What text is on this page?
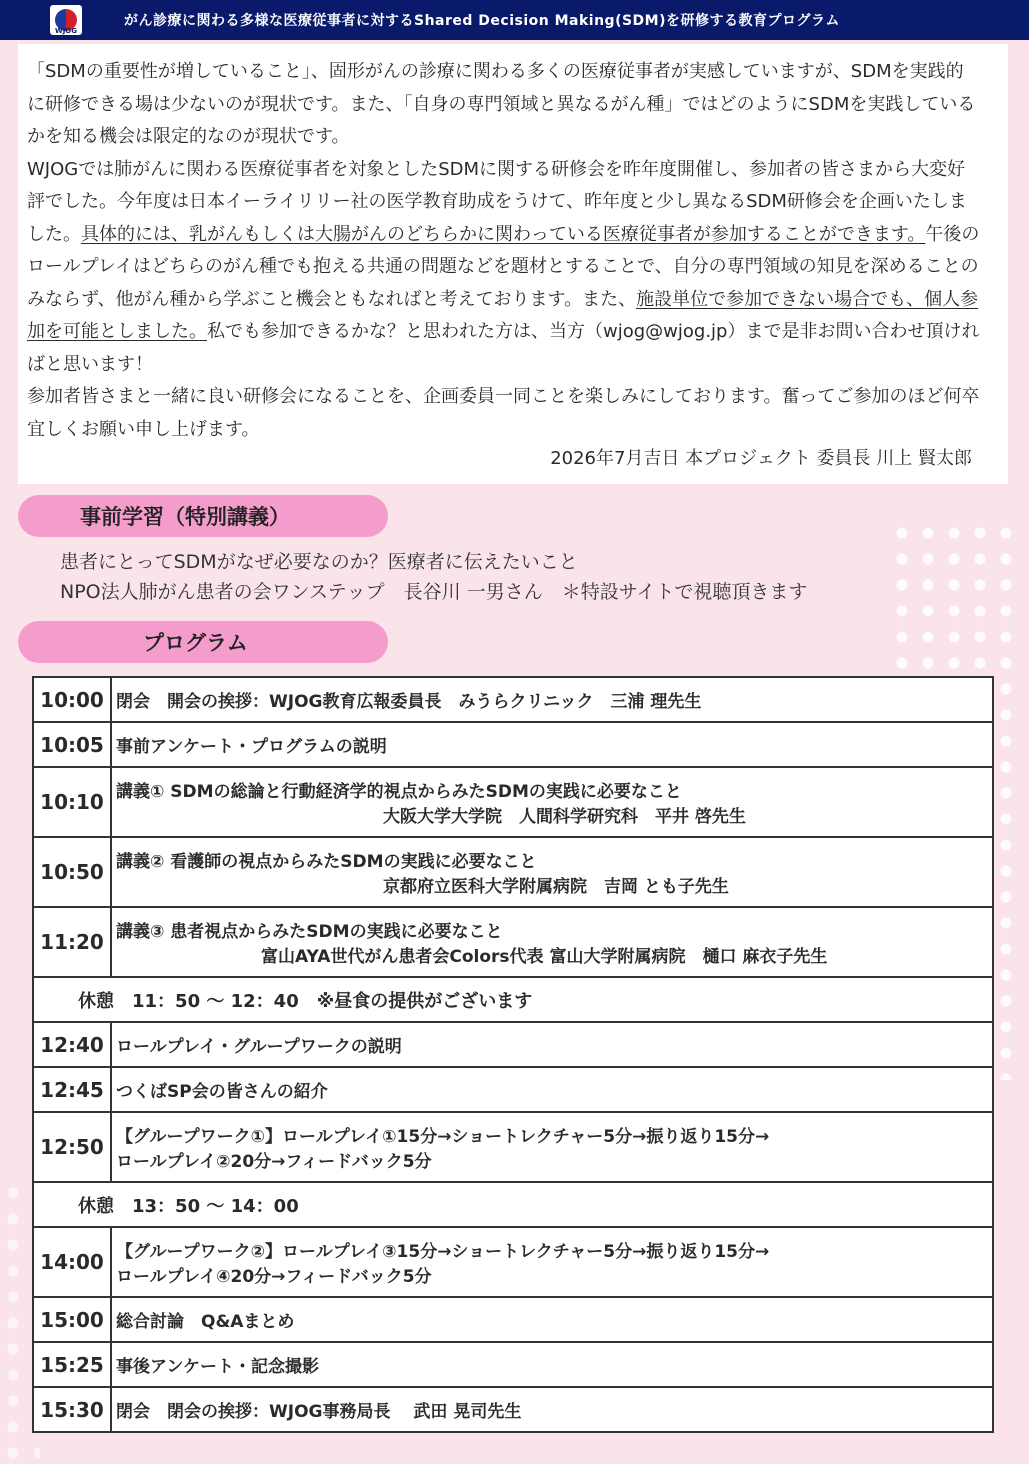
WJOG
がん診療に関わる多様な医療従事者に対するShared Decision Making(SDM)を研修する教育プログラム

「SDMの重要性が増していること」、固形がんの診療に関わる多くの医療従事者が実感していますが、SDMを実践的に研修できる場は少ないのが現状です。また、「自身の専門領域と異なるがん種」ではどのようにSDMを実践しているかを知る機会は限定的なのが現状です。

WJOGでは肺がんに関わる医療従事者を対象としたSDMに関する研修会を昨年度開催し、参加者の皆さまから大変好評でした。今年度は日本イーライリリー社の医学教育助成をうけて、昨年度と少し異なるSDM研修会を企画いたしました。具体的には、乳がんもしくは大腸がんのどちらかに関わっている医療従事者が参加することができます。午後のロールプレイはどちらのがん種でも抱える共通の問題などを題材とすることで、自分の専門領域の知見を深めることのみならず、他がん種から学ぶこと機会ともなればと考えております。また、施設単位で参加できない場合でも、個人参加を可能としました。私でも参加できるかな？と思われた方は、当方（wjog@wjog.jp）まで是非お問い合わせ頂ければと思います！

参加者皆さまと一緒に良い研修会になることを、企画委員一同ことを楽しみにしております。奮ってご参加のほど何卒宜しくお願い申し上げます。

2026年7月吉日 本プロジェクト 委員長 川上 賢太郎
事前学習（特別講義）
患者にとってSDMがなぜ必要なのか？医療者に伝えたいこと
NPO法人肺がん患者の会ワンステップ　長谷川 一男さん　＊特設サイトで視聴頂きます
プログラム
10:00	閉会　開会の挨拶：WJOG教育広報委員長　みうらクリニック　三浦 理先生
10:05	事前アンケート・プログラムの説明
10:10	講義① SDMの総論と行動経済学的視点からみたSDMの実践に必要なこと
大阪大学大学院　人間科学研究科　平井 啓先生

10:50	講義② 看護師の視点からみたSDMの実践に必要なこと
京都府立医科大学附属病院　吉岡 とも子先生

11:20	講義③ 患者視点からみたSDMの実践に必要なこと
富山AYA世代がん患者会Colors代表 富山大学附属病院　樋口 麻衣子先生

休憩　11：50 ～ 12：40　※昼食の提供がございます	
12:40	ロールプレイ・グループワークの説明
12:45	つくばSP会の皆さんの紹介
12:50	【グループワーク①】ロールプレイ①15分→ショートレクチャー5分→振り返り15分→
ロールプレイ②20分→フィードバック5分

休憩　13：50 ～ 14：00	
14:00	【グループワーク②】ロールプレイ③15分→ショートレクチャー5分→振り返り15分→
ロールプレイ④20分→フィードバック5分

15:00	総合討論　Q&Aまとめ
15:25	事後アンケート・記念撮影
15:30	閉会　閉会の挨拶：WJOG事務局長　 武田 晃司先生
